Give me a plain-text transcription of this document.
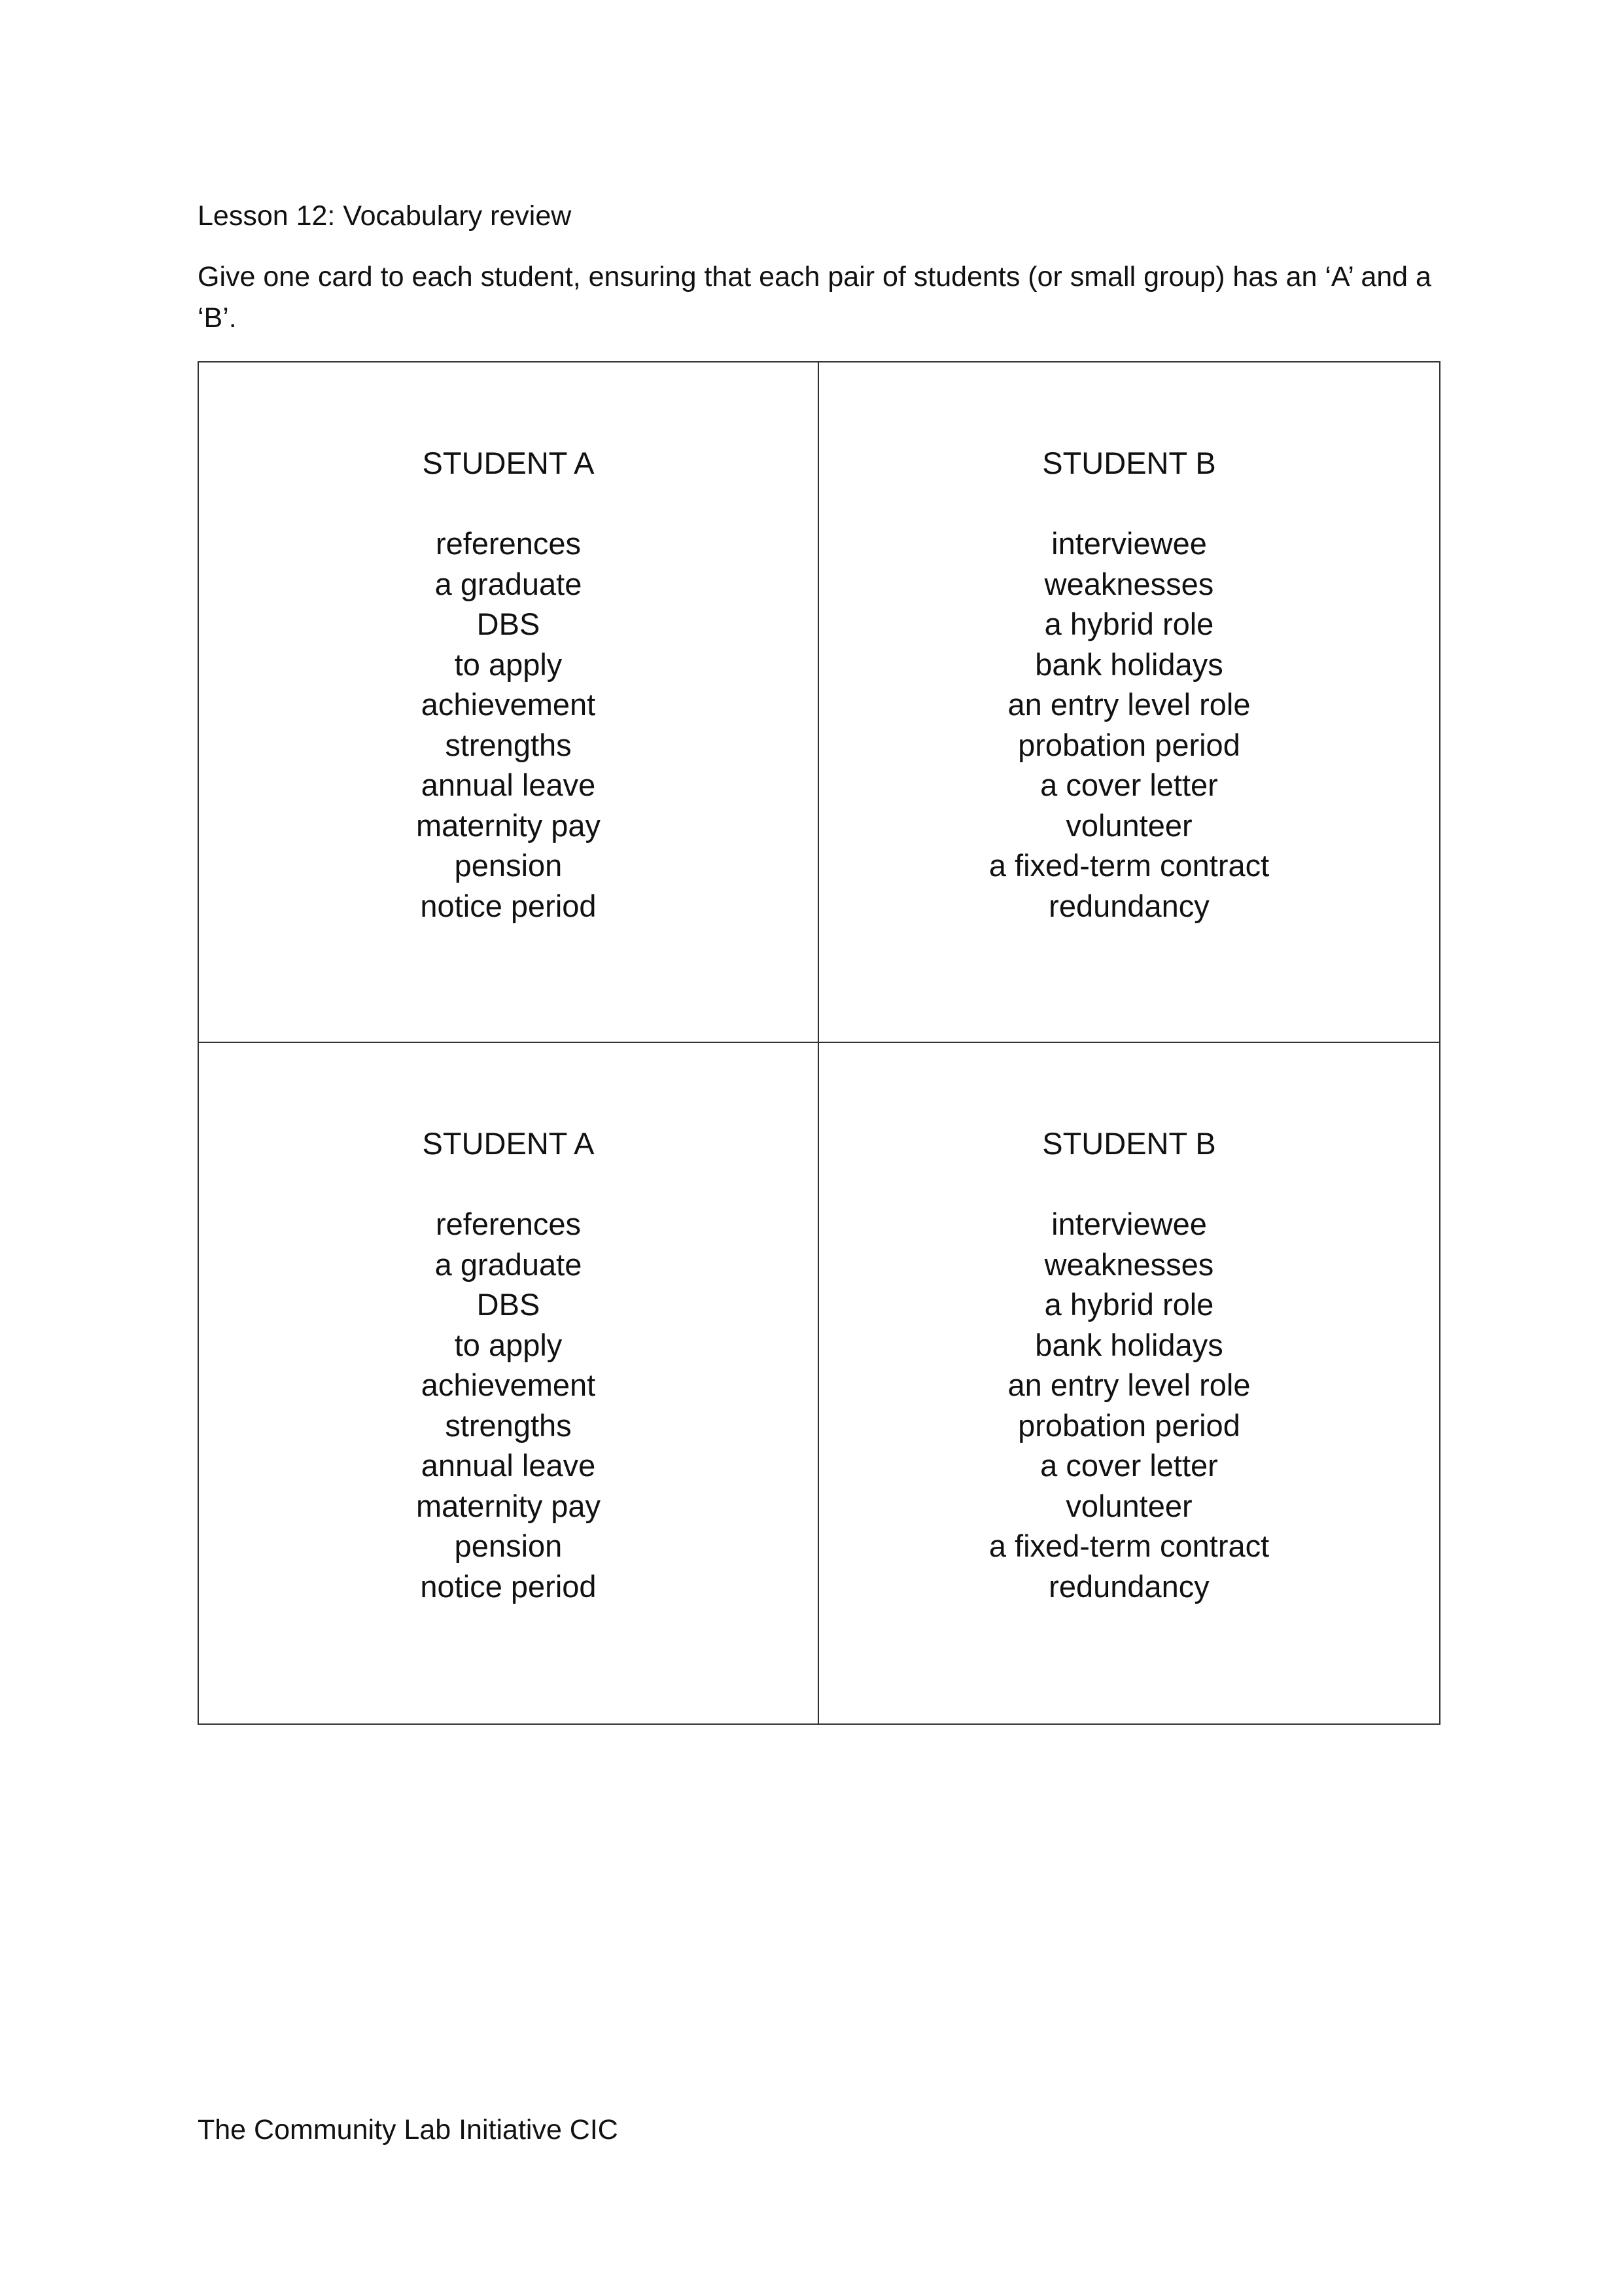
Lesson 12: Vocabulary review
Give one card to each student, ensuring that each pair of students (or small group) has an ‘A’ and a ‘B’.
STUDENT A
references
a graduate
DBS
to apply
achievement
strengths
annual leave
maternity pay
pension
notice period
STUDENT B
interviewee
weaknesses
a hybrid role
bank holidays
an entry level role
probation period
a cover letter
volunteer
a fixed-term contract
redundancy
STUDENT A
references
a graduate
DBS
to apply
achievement
strengths
annual leave
maternity pay
pension
notice period
STUDENT B
interviewee
weaknesses
a hybrid role
bank holidays
an entry level role
probation period
a cover letter
volunteer
a fixed-term contract
redundancy
The Community Lab Initiative CIC
